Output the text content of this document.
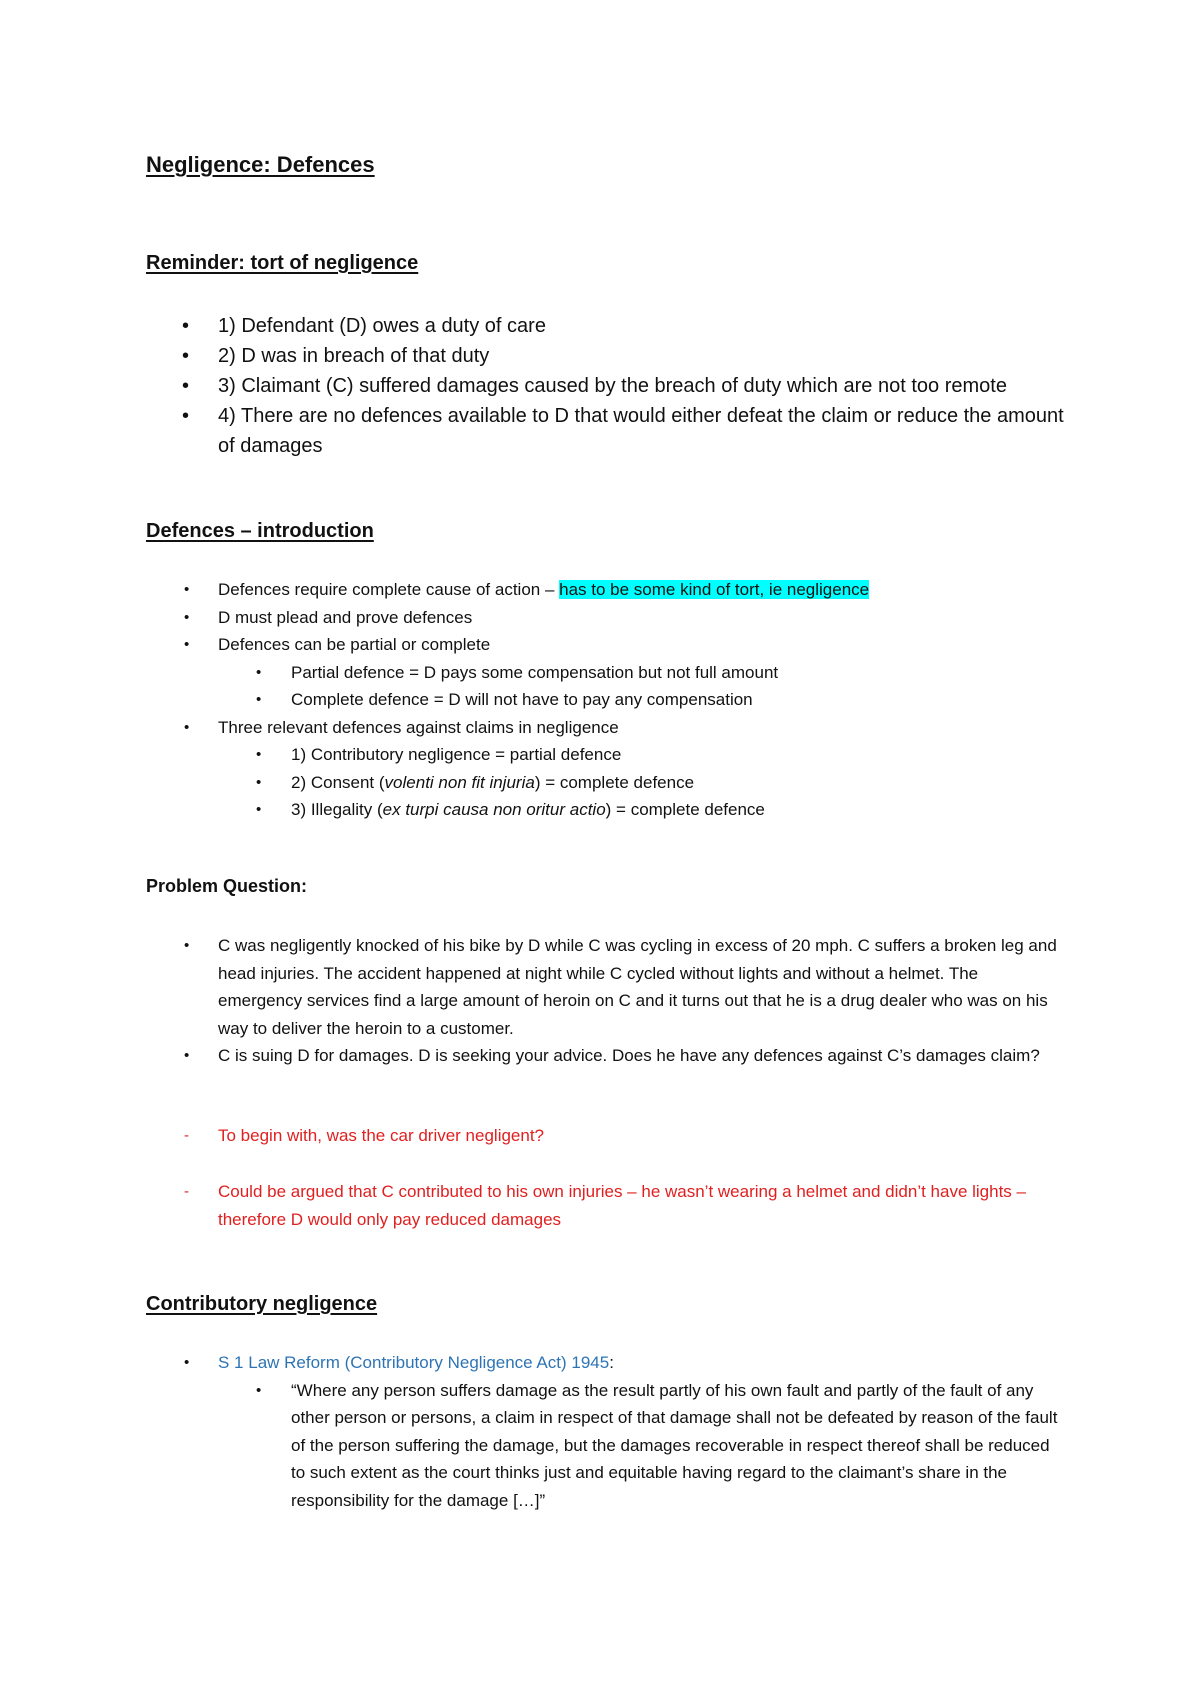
Negligence: Defences
Reminder: tort of negligence
• 1) Defendant (D) owes a duty of care
• 2) D was in breach of that duty
• 3) Claimant (C) suffered damages caused by the breach of duty which are not too remote
• 4) There are no defences available to D that would either defeat the claim or reduce the amount of damages
Defences – introduction
• Defences require complete cause of action – has to be some kind of tort, ie negligence
• D must plead and prove defences
• Defences can be partial or complete
• Partial defence = D pays some compensation but not full amount
• Complete defence = D will not have to pay any compensation
• Three relevant defences against claims in negligence
• 1) Contributory negligence = partial defence
• 2) Consent (volenti non fit injuria) = complete defence
• 3) Illegality (ex turpi causa non oritur actio) = complete defence
Problem Question:
• C was negligently knocked of his bike by D while C was cycling in excess of 20 mph. C suffers a broken leg and head injuries. The accident happened at night while C cycled without lights and without a helmet. The emergency services find a large amount of heroin on C and it turns out that he is a drug dealer who was on his way to deliver the heroin to a customer.
• C is suing D for damages. D is seeking your advice. Does he have any defences against C’s damages claim?
- To begin with, was the car driver negligent?
- Could be argued that C contributed to his own injuries – he wasn’t wearing a helmet and didn’t have lights – therefore D would only pay reduced damages
Contributory negligence
• S 1 Law Reform (Contributory Negligence Act) 1945:
• “Where any person suffers damage as the result partly of his own fault and partly of the fault of any other person or persons, a claim in respect of that damage shall not be defeated by reason of the fault of the person suffering the damage, but the damages recoverable in respect thereof shall be reduced to such extent as the court thinks just and equitable having regard to the claimant’s share in the responsibility for the damage […]”
